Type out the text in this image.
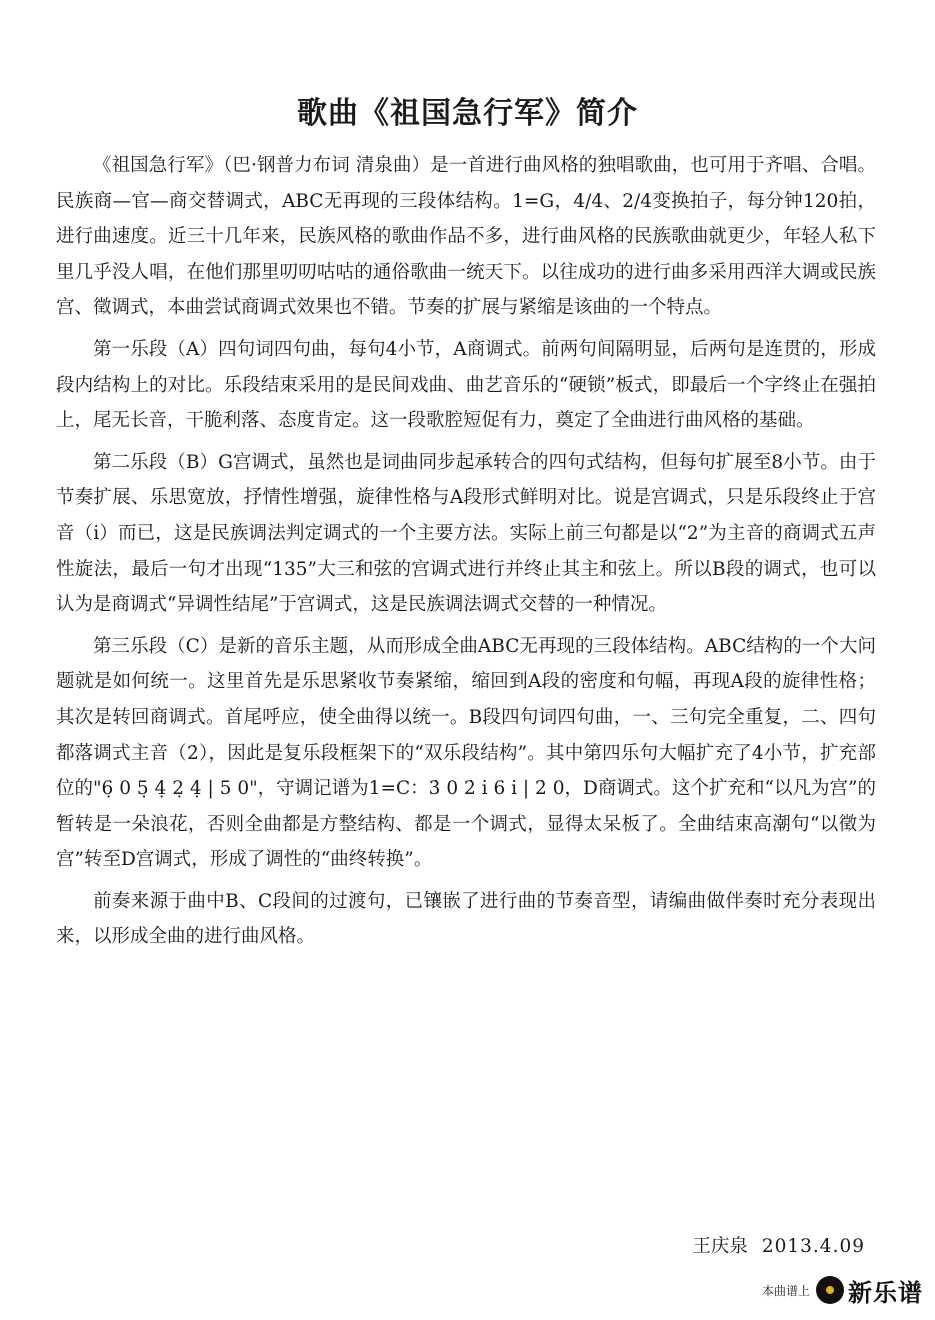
歌曲《祖国急行军》简介

《祖国急行军》（巴·钢普力布词 清泉曲）是一首进行曲风格的独唱歌曲，也可用于齐唱、合唱。民族商—官—商交替调式，ABC无再现的三段体结构。1=G，4/4、2/4变换拍子，每分钟120拍，进行曲速度。近三十几年来，民族风格的歌曲作品不多，进行曲风格的民族歌曲就更少，年轻人私下里几乎没人唱，在他们那里叨叨咕咕的通俗歌曲一统天下。以往成功的进行曲多采用西洋大调或民族宫、徵调式，本曲尝试商调式效果也不错。节奏的扩展与紧缩是该曲的一个特点。

第一乐段（A）四句词四句曲，每句4小节，A商调式。前两句间隔明显，后两句是连贯的，形成段内结构上的对比。乐段结束采用的是民间戏曲、曲艺音乐的“硬锁”板式，即最后一个字终止在强拍上，尾无长音，干脆利落、态度肯定。这一段歌腔短促有力，奠定了全曲进行曲风格的基础。

第二乐段（B）G宫调式，虽然也是词曲同步起承转合的四句式结构，但每句扩展至8小节。由于节奏扩展、乐思宽放，抒情性增强，旋律性格与A段形式鲜明对比。说是宫调式，只是乐段终止于宫音（i̇）而已，这是民族调法判定调式的一个主要方法。实际上前三句都是以“2”为主音的商调式五声性旋法，最后一句才出现“135”大三和弦的宫调式进行并终止其主和弦上。所以B段的调式，也可以认为是商调式“异调性结尾”于宫调式，这是民族调法调式交替的一种情况。

第三乐段（C）是新的音乐主题，从而形成全曲ABC无再现的三段体结构。ABC结构的一个大问题就是如何统一。这里首先是乐思紧收节奏紧缩，缩回到A段的密度和句幅，再现A段的旋律性格；其次是转回商调式。首尾呼应，使全曲得以统一。B段四句词四句曲，一、三句完全重复，二、四句都落调式主音（2̇），因此是复乐段框架下的“双乐段结构”。其中第四乐句大幅扩充了4小节，扩充部位的"6̣ 0 5̣ 4̣ 2̣ 4̣ | 5 0"，守调记谱为1=C：3̇ 0 2̇ i̇ 6 i̇ | 2̇ 0，D商调式。这个扩充和“以凡为宫”的暂转是一朵浪花，否则全曲都是方整结构、都是一个调式，显得太呆板了。全曲结束高潮句“以徵为宫”转至D宫调式，形成了调性的“曲终转换”。

前奏来源于曲中B、C段间的过渡句，已镶嵌了进行曲的节奏音型，请编曲做伴奏时充分表现出来，以形成全曲的进行曲风格。

王庆泉 2013.4.09
本曲谱上 新乐谱
